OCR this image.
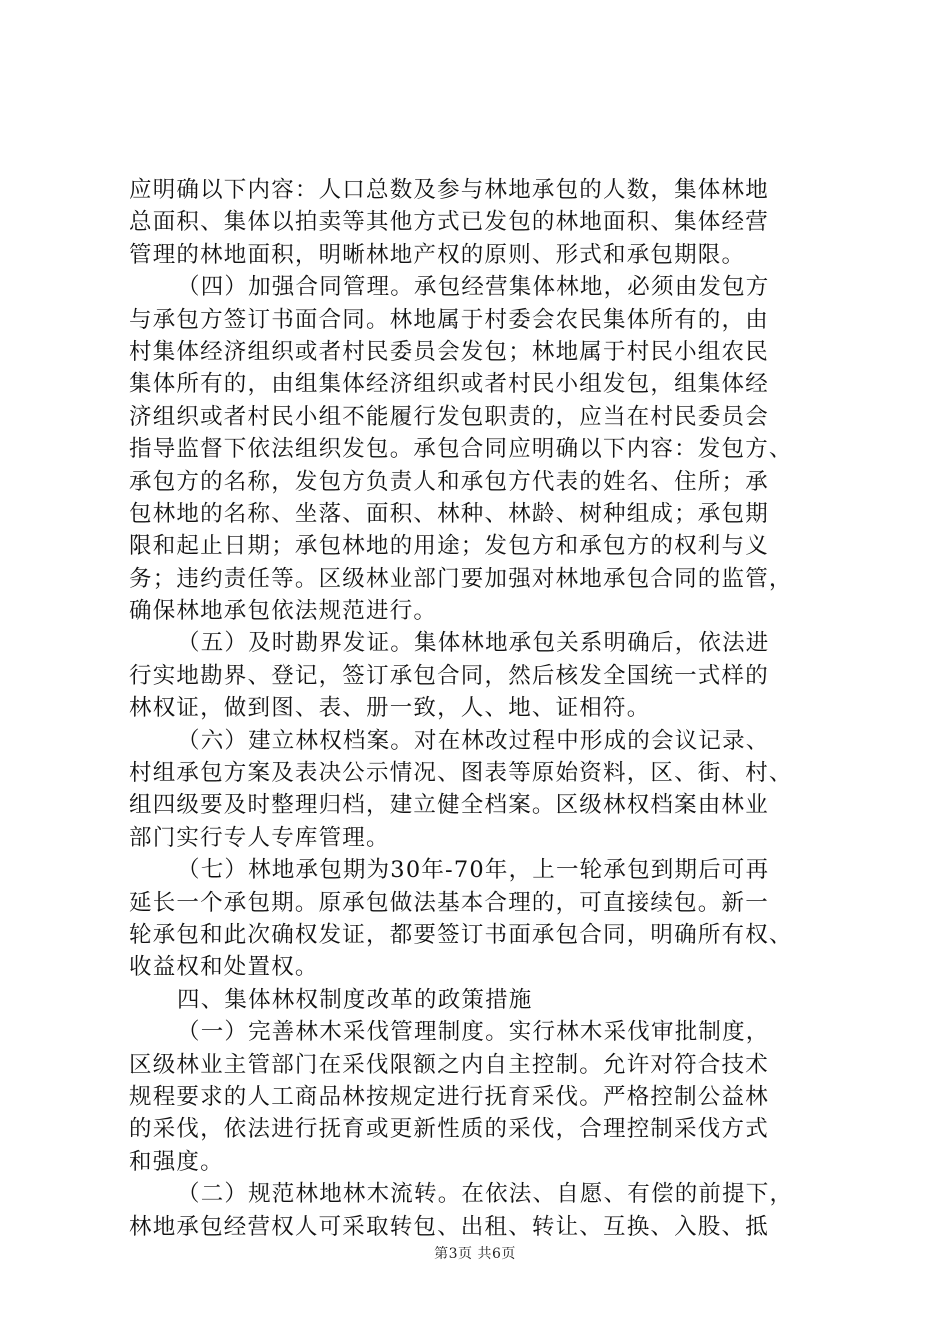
应明确以下内容：人口总数及参与林地承包的人数，集体林地
总面积、集体以拍卖等其他方式已发包的林地面积、集体经营
管理的林地面积，明晰林地产权的原则、形式和承包期限。
（四）加强合同管理。承包经营集体林地，必须由发包方
与承包方签订书面合同。林地属于村委会农民集体所有的，由
村集体经济组织或者村民委员会发包；林地属于村民小组农民
集体所有的，由组集体经济组织或者村民小组发包，组集体经
济组织或者村民小组不能履行发包职责的，应当在村民委员会
指导监督下依法组织发包。承包合同应明确以下内容：发包方、
承包方的名称，发包方负责人和承包方代表的姓名、住所；承
包林地的名称、坐落、面积、林种、林龄、树种组成；承包期
限和起止日期；承包林地的用途；发包方和承包方的权利与义
务；违约责任等。区级林业部门要加强对林地承包合同的监管，
确保林地承包依法规范进行。
（五）及时勘界发证。集体林地承包关系明确后，依法进
行实地勘界、登记，签订承包合同，然后核发全国统一式样的
林权证，做到图、表、册一致，人、地、证相符。
（六）建立林权档案。对在林改过程中形成的会议记录、
村组承包方案及表决公示情况、图表等原始资料，区、街、村、
组四级要及时整理归档，建立健全档案。区级林权档案由林业
部门实行专人专库管理。
（七）林地承包期为30年-70年，上一轮承包到期后可再
延长一个承包期。原承包做法基本合理的，可直接续包。新一
轮承包和此次确权发证，都要签订书面承包合同，明确所有权、
收益权和处置权。
四、集体林权制度改革的政策措施
（一）完善林木采伐管理制度。实行林木采伐审批制度，
区级林业主管部门在采伐限额之内自主控制。允许对符合技术
规程要求的人工商品林按规定进行抚育采伐。严格控制公益林
的采伐，依法进行抚育或更新性质的采伐，合理控制采伐方式
和强度。
（二）规范林地林木流转。在依法、自愿、有偿的前提下，
林地承包经营权人可采取转包、出租、转让、互换、入股、抵
第3页 共6页
